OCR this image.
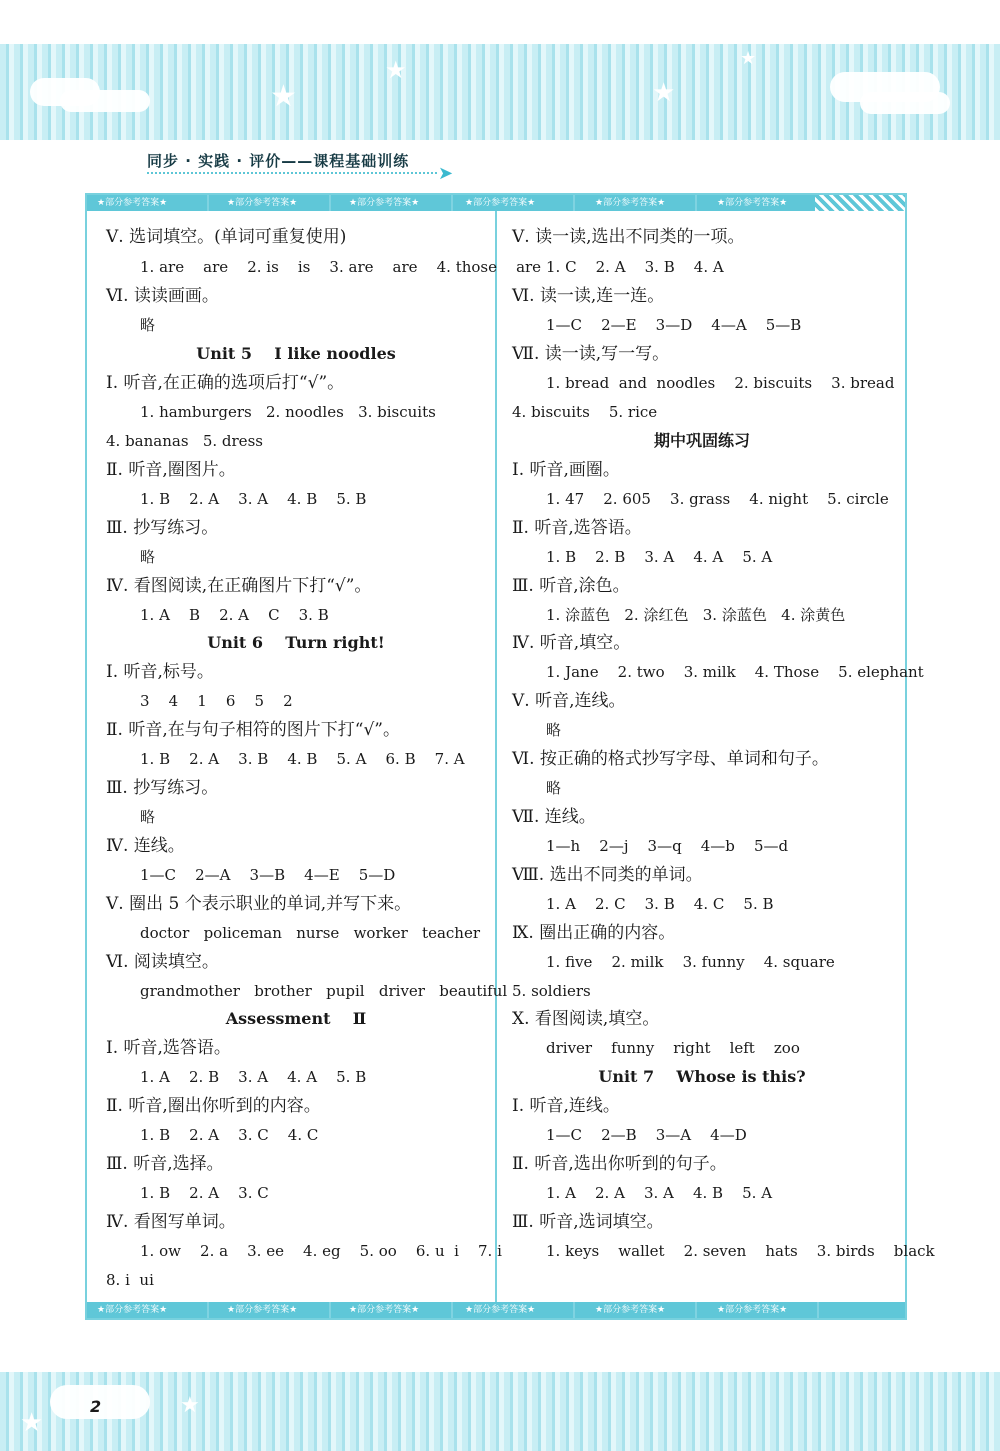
★
★
★
★
同步 · 实践 · 评价——课程基础训练
➤
★部分参考答案★	★部分参考答案★	★部分参考答案★	★部分参考答案★	★部分参考答案★	★部分参考答案★
★部分参考答案★	★部分参考答案★	★部分参考答案★	★部分参考答案★	★部分参考答案★	★部分参考答案★
Ⅴ. 选词填空。(单词可重复使用)
1. are    are    2. is    is    3. are    are    4. those    are
Ⅵ. 读读画画。
略
Unit 5    I like noodles
Ⅰ. 听音,在正确的选项后打“√”。
1. hamburgers   2. noodles   3. biscuits
4. bananas   5. dress
Ⅱ. 听音,圈图片。
1. B    2. A    3. A    4. B    5. B
Ⅲ. 抄写练习。
略
Ⅳ. 看图阅读,在正确图片下打“√”。
1. A    B    2. A    C    3. B
Unit 6    Turn right!
Ⅰ. 听音,标号。
3    4    1    6    5    2
Ⅱ. 听音,在与句子相符的图片下打“√”。
1. B    2. A    3. B    4. B    5. A    6. B    7. A
Ⅲ. 抄写练习。
略
Ⅳ. 连线。
1—C    2—A    3—B    4—E    5—D
Ⅴ. 圈出 5 个表示职业的单词,并写下来。
doctor   policeman   nurse   worker   teacher
Ⅵ. 阅读填空。
grandmother   brother   pupil   driver   beautiful
Assessment    Ⅱ
Ⅰ. 听音,选答语。
1. A    2. B    3. A    4. A    5. B
Ⅱ. 听音,圈出你听到的内容。
1. B    2. A    3. C    4. C
Ⅲ. 听音,选择。
1. B    2. A    3. C
Ⅳ. 看图写单词。
1. ow    2. a    3. ee    4. eg    5. oo    6. u  i    7. i
8. i  ui
Ⅴ. 读一读,选出不同类的一项。
1. C    2. A    3. B    4. A
Ⅵ. 读一读,连一连。
1—C    2—E    3—D    4—A    5—B
Ⅶ. 读一读,写一写。
1. bread  and  noodles    2. biscuits    3. bread
4. biscuits    5. rice
期中巩固练习
Ⅰ. 听音,画圈。
1. 47    2. 605    3. grass    4. night    5. circle
Ⅱ. 听音,选答语。
1. B    2. B    3. A    4. A    5. A
Ⅲ. 听音,涂色。
1. 涂蓝色   2. 涂红色   3. 涂蓝色   4. 涂黄色
Ⅳ. 听音,填空。
1. Jane    2. two    3. milk    4. Those    5. elephant
Ⅴ. 听音,连线。
略
Ⅵ. 按正确的格式抄写字母、单词和句子。
略
Ⅶ. 连线。
1—h    2—j    3—q    4—b    5—d
Ⅷ. 选出不同类的单词。
1. A    2. C    3. B    4. C    5. B
Ⅸ. 圈出正确的内容。
1. five    2. milk    3. funny    4. square
5. soldiers
Ⅹ. 看图阅读,填空。
driver    funny    right    left    zoo
Unit 7    Whose is this?
Ⅰ. 听音,连线。
1—C    2—B    3—A    4—D
Ⅱ. 听音,选出你听到的句子。
1. A    2. A    3. A    4. B    5. A
Ⅲ. 听音,选词填空。
1. keys    wallet    2. seven    hats    3. birds    black
★
★
2
